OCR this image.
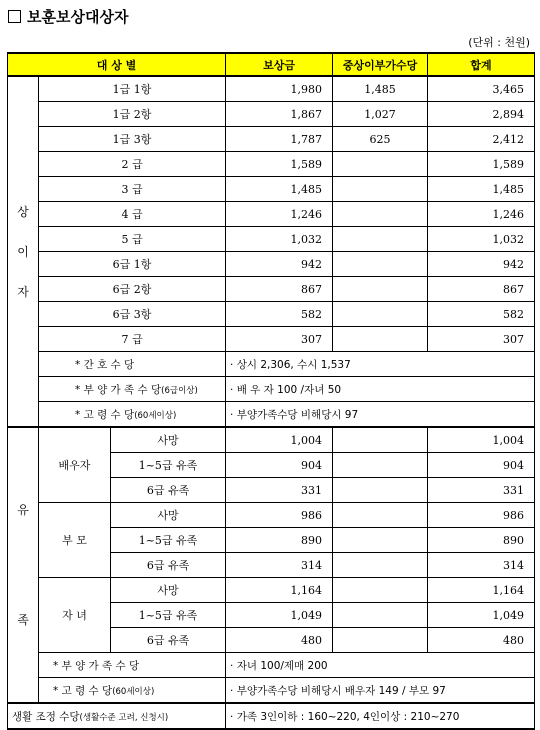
보훈보상대상자
(단위 : 천원)
대 상 별			보상금	중상이부가수당	합계

상
이
자	1급 1항		1,980	1,485	3,465
	1급 2항		1,867	1,027	2,894
	1급 3항		1,787	625	2,412
	2 급		1,589		1,589
	3 급		1,485		1,485
	4 급		1,246		1,246
	5 급		1,032		1,032
	6급 1항		942		942
	6급 2항		867		867
	6급 3항		582		582
	7 급		307		307
	* 간 호 수 당		· 상시 2,306, 수시 1,537		
	* 부 양 가 족 수 당(6급이상)		· 배 우 자 100 /자녀 50		
	* 고 령 수 당(60세이상)		· 부양가족수당 비해당시 97		

유
족	배우자	사망	1,004		1,004
		1~5급 유족	904		904
		6급 유족	331		331
	부 모	사망	986		986
		1~5급 유족	890		890
		6급 유족	314		314
	자 녀	사망	1,164		1,164
		1~5급 유족	1,049		1,049
		6급 유족	480		480
	* 부 양 가 족 수 당		· 자녀 100/제매 200		
	* 고 령 수 당(60세이상)		· 부양가족수당 비해당시 배우자 149 / 부모 97		
생활 조정 수당(생활수준 고려, 신청시)			· 가족 3인이하 : 160~220, 4인이상 : 210~270		
